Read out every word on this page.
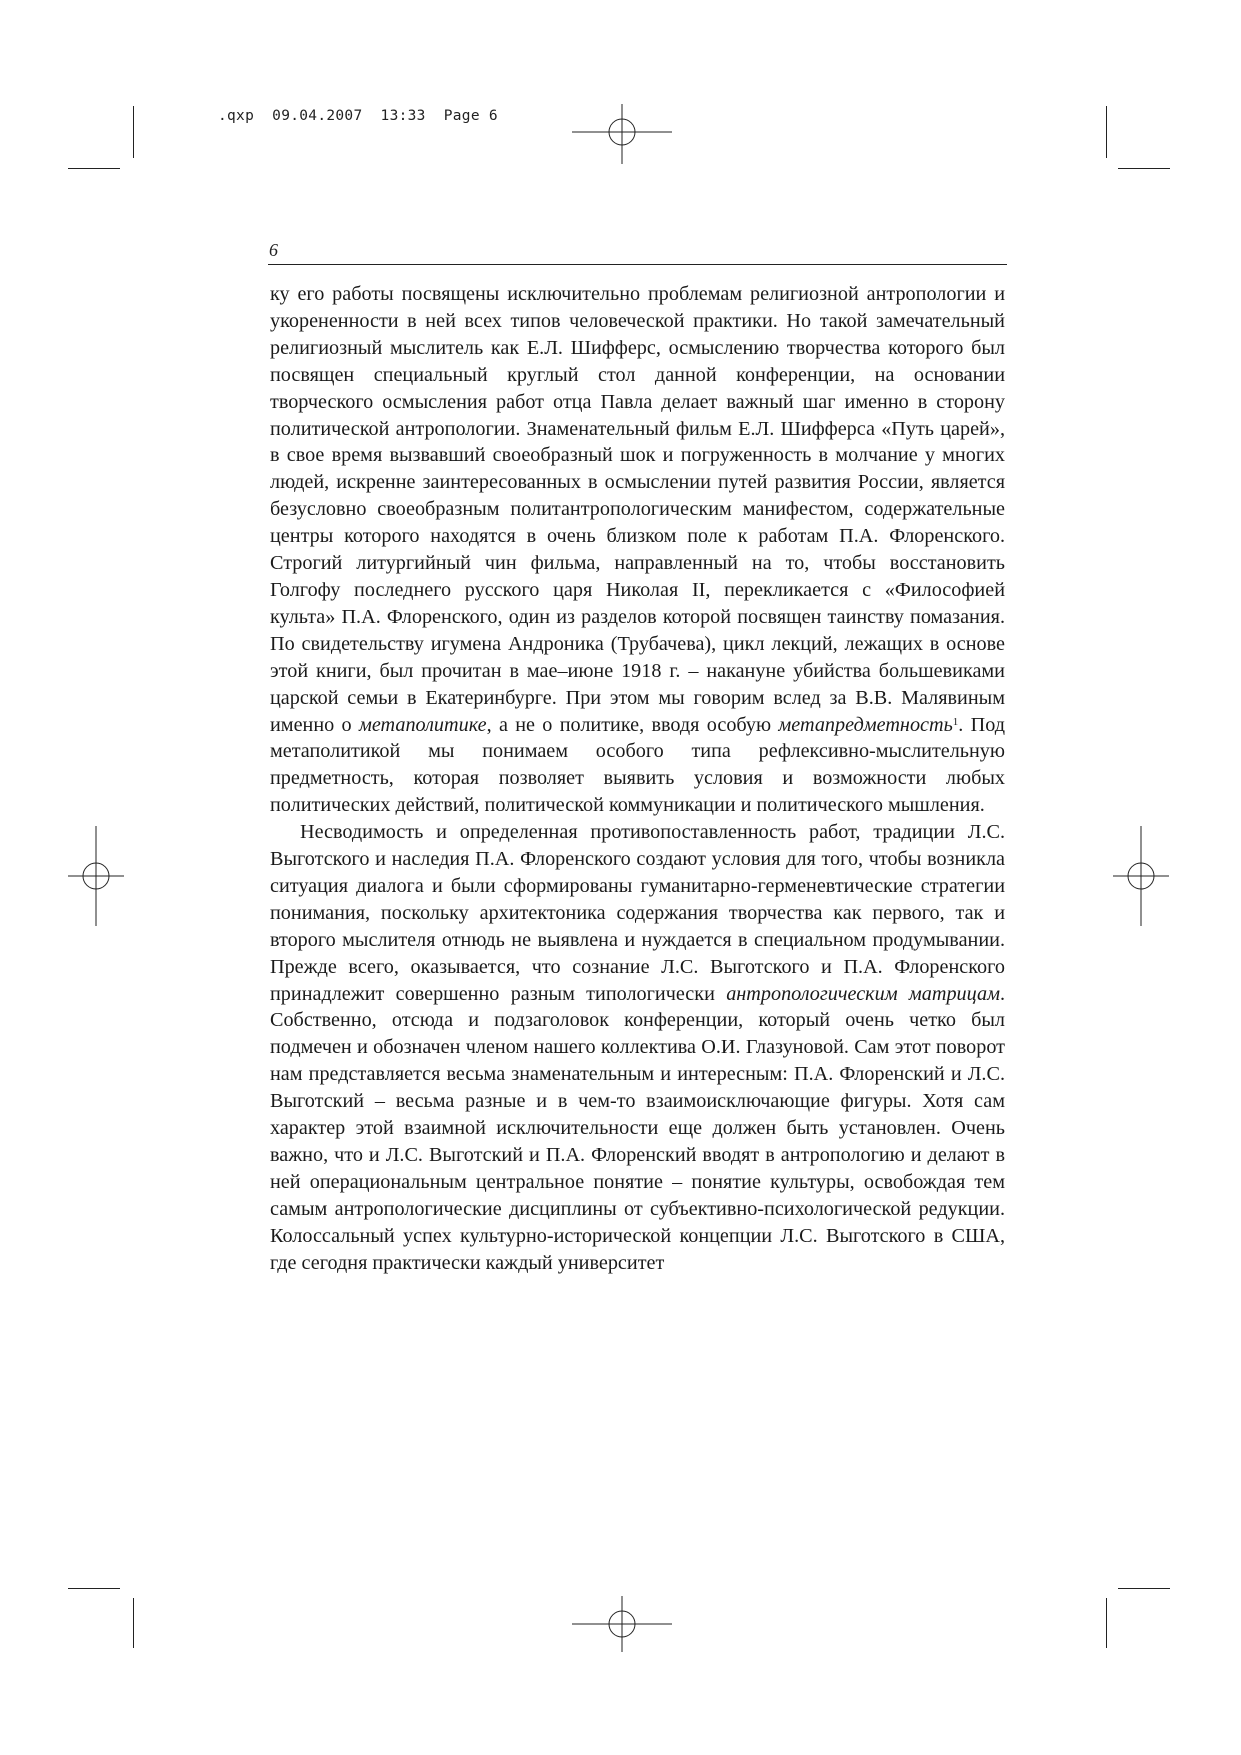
.qxp  09.04.2007  13:33  Page 6
6

ку его работы посвящены исключительно проблемам религиозной антропологии и укорененности в ней всех типов человеческой практики. Но такой замечательный религиозный мыслитель как Е.Л. Шифферс, осмыслению творчества которого был посвящен специальный круглый стол данной конференции, на основании творческого осмысления работ отца Павла делает важный шаг именно в сторону политической антропологии. Знаменательный фильм Е.Л. Шифферса «Путь царей», в свое время вызвавший своеобразный шок и погруженность в молчание у многих людей, искренне заинтересованных в осмыслении путей развития России, является безусловно своеобразным политантропологическим манифестом, содержательные центры которого находятся в очень близком поле к работам П.А. Флоренского. Строгий литургийный чин фильма, направленный на то, чтобы восстановить Голгофу последнего русского царя Николая II, перекликается с «Философией культа» П.А. Флоренского, один из разделов которой посвящен таинству помазания. По свидетельству игумена Андроника (Трубачева), цикл лекций, лежащих в основе этой книги, был прочитан в мае–июне 1918 г. – накануне убийства большевиками царской семьи в Екатеринбурге. При этом мы говорим вслед за В.В. Малявиным именно о метаполитике, а не о политике, вводя особую метапредметность$^1$. Под метаполитикой мы понимаем особого типа рефлексивно-мыслительную предметность, которая позволяет выявить условия и возможности любых политических действий, политической коммуникации и политического мышления.

Несводимость и определенная противопоставленность работ, традиции Л.С. Выготского и наследия П.А. Флоренского создают условия для того, чтобы возникла ситуация диалога и были сформированы гуманитарно-герменевтические стратегии понимания, поскольку архитектоника содержания творчества как первого, так и второго мыслителя отнюдь не выявлена и нуждается в специальном продумывании. Прежде всего, оказывается, что сознание Л.С. Выготского и П.А. Флоренского принадлежит совершенно разным типологически антропологическим матрицам. Собственно, отсюда и подзаголовок конференции, который очень четко был подмечен и обозначен членом нашего коллектива О.И. Глазуновой. Сам этот поворот нам представляется весьма знаменательным и интересным: П.А. Флоренский и Л.С. Выготский – весьма разные и в чем-то взаимоисключающие фигуры. Хотя сам характер этой взаимной исключительности еще должен быть установлен. Очень важно, что и Л.С. Выготский и П.А. Флоренский вводят в антропологию и делают в ней операциональным центральное понятие – понятие культуры, освобождая тем самым антропологические дисциплины от субъективно-психологической редукции. Колоссальный успех культурно-исторической концепции Л.С. Выготского в США, где сегодня практически каждый университет
